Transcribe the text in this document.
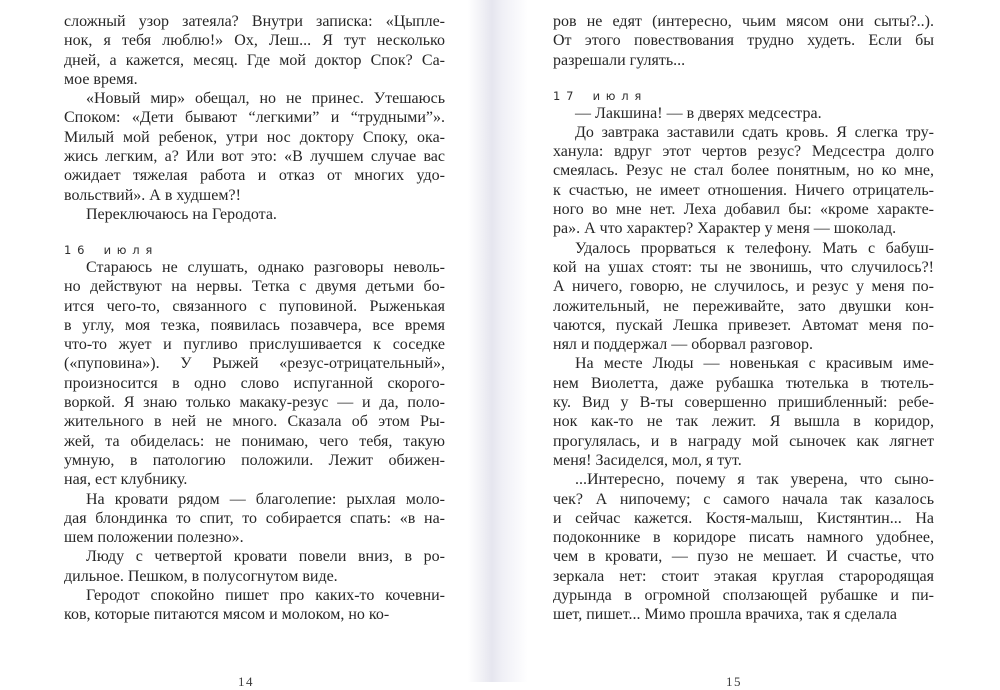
сложный узор затеяла? Внутри записка: «Цыпле-
нок, я тебя люблю!» Ох, Леш... Я тут несколько
дней, а кажется, месяц. Где мой доктор Спок? Са-
мое время.
«Новый мир» обещал, но не принес. Утешаюсь
Споком: «Дети бывают “легкими” и “трудными”».
Милый мой ребенок, утри нос доктору Споку, ока-
жись легким, а? Или вот это: «В лучшем случае вас
ожидает тяжелая работа и отказ от многих удо-
вольствий». А в худшем?!
Переключаюсь на Геродота.
16 июля
Стараюсь не слушать, однако разговоры неволь-
но действуют на нервы. Тетка с двумя детьми бо-
ится чего-то, связанного с пуповиной. Рыженькая
в углу, моя тезка, появилась позавчера, все время
что-то жует и пугливо прислушивается к соседке
(«пуповина»). У Рыжей «резус-отрицательный»,
произносится в одно слово испуганной скорого-
воркой. Я знаю только макаку-резус — и да, поло-
жительного в ней не много. Сказала об этом Ры-
жей, та обиделась: не понимаю, чего тебя, такую
умную, в патологию положили. Лежит обижен-
ная, ест клубнику.
На кровати рядом — благолепие: рыхлая моло-
дая блондинка то спит, то собирается спать: «в на-
шем положении полезно».
Люду с четвертой кровати повели вниз, в ро-
дильное. Пешком, в полусогнутом виде.
Геродот спокойно пишет про каких-то кочевни-
ков, которые питаются мясом и молоком, но ко-
ров не едят (интересно, чьим мясом они сыты?..).
От этого повествования трудно худеть. Если бы
разрешали гулять...
17 июля
— Лакшина! — в дверях медсестра.
До завтрака заставили сдать кровь. Я слегка тру-
ханула: вдруг этот чертов резус? Медсестра долго
смеялась. Резус не стал более понятным, но ко мне,
к счастью, не имеет отношения. Ничего отрицатель-
ного во мне нет. Леха добавил бы: «кроме характе-
ра». А что характер? Характер у меня — шоколад.
Удалось прорваться к телефону. Мать с бабуш-
кой на ушах стоят: ты не звонишь, что случилось?!
А ничего, говорю, не случилось, и резус у меня по-
ложительный, не переживайте, зато двушки кон-
чаются, пускай Лешка привезет. Автомат меня по-
нял и поддержал — оборвал разговор.
На месте Люды — новенькая с красивым име-
нем Виолетта, даже рубашка тютелька в тютель-
ку. Вид у В-ты совершенно пришибленный: ребе-
нок как-то не так лежит. Я вышла в коридор,
прогулялась, и в награду мой сыночек как лягнет
меня! Засиделся, мол, я тут.
...Интересно, почему я так уверена, что сыно-
чек? А нипочему; с самого начала так казалось
и сейчас кажется. Костя-малыш, Кистянтин... На
подоконнике в коридоре писать намного удобнее,
чем в кровати, — пузо не мешает. И счастье, что
зеркала нет: стоит этакая круглая старородящая
дурында в огромной сползающей рубашке и пи-
шет, пишет... Мимо прошла врачиха, так я сделала
14	15
